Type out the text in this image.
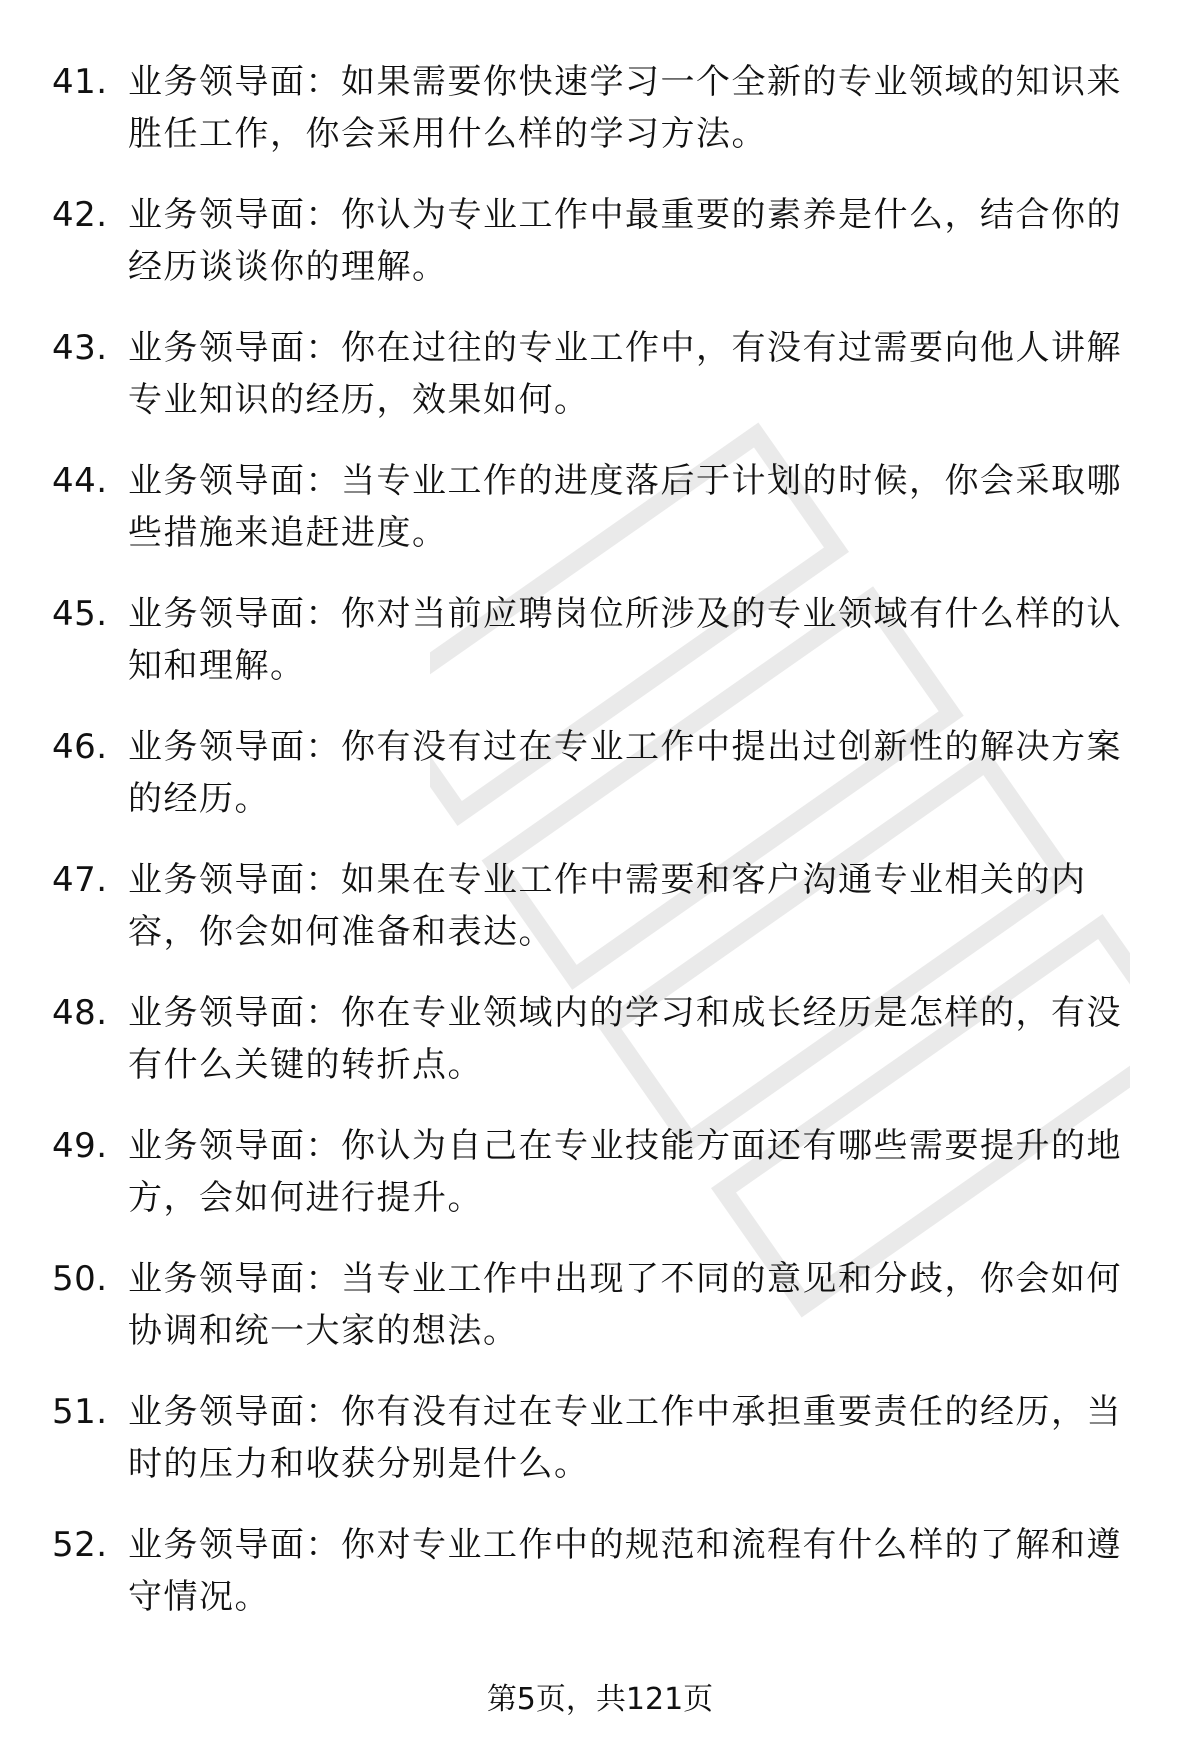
41. 业务领导面：如果需要你快速学习一个全新的专业领域的知识来胜任工作，你会采用什么样的学习方法。
42. 业务领导面：你认为专业工作中最重要的素养是什么，结合你的经历谈谈你的理解。
43. 业务领导面：你在过往的专业工作中，有没有过需要向他人讲解专业知识的经历，效果如何。
44. 业务领导面：当专业工作的进度落后于计划的时候，你会采取哪些措施来追赶进度。
45. 业务领导面：你对当前应聘岗位所涉及的专业领域有什么样的认知和理解。
46. 业务领导面：你有没有过在专业工作中提出过创新性的解决方案的经历。
47. 业务领导面：如果在专业工作中需要和客户沟通专业相关的内容，你会如何准备和表达。
48. 业务领导面：你在专业领域内的学习和成长经历是怎样的，有没有什么关键的转折点。
49. 业务领导面：你认为自己在专业技能方面还有哪些需要提升的地方，会如何进行提升。
50. 业务领导面：当专业工作中出现了不同的意见和分歧，你会如何协调和统一大家的想法。
51. 业务领导面：你有没有过在专业工作中承担重要责任的经历，当时的压力和收获分别是什么。
52. 业务领导面：你对专业工作中的规范和流程有什么样的了解和遵守情况。
第5页，共121页
